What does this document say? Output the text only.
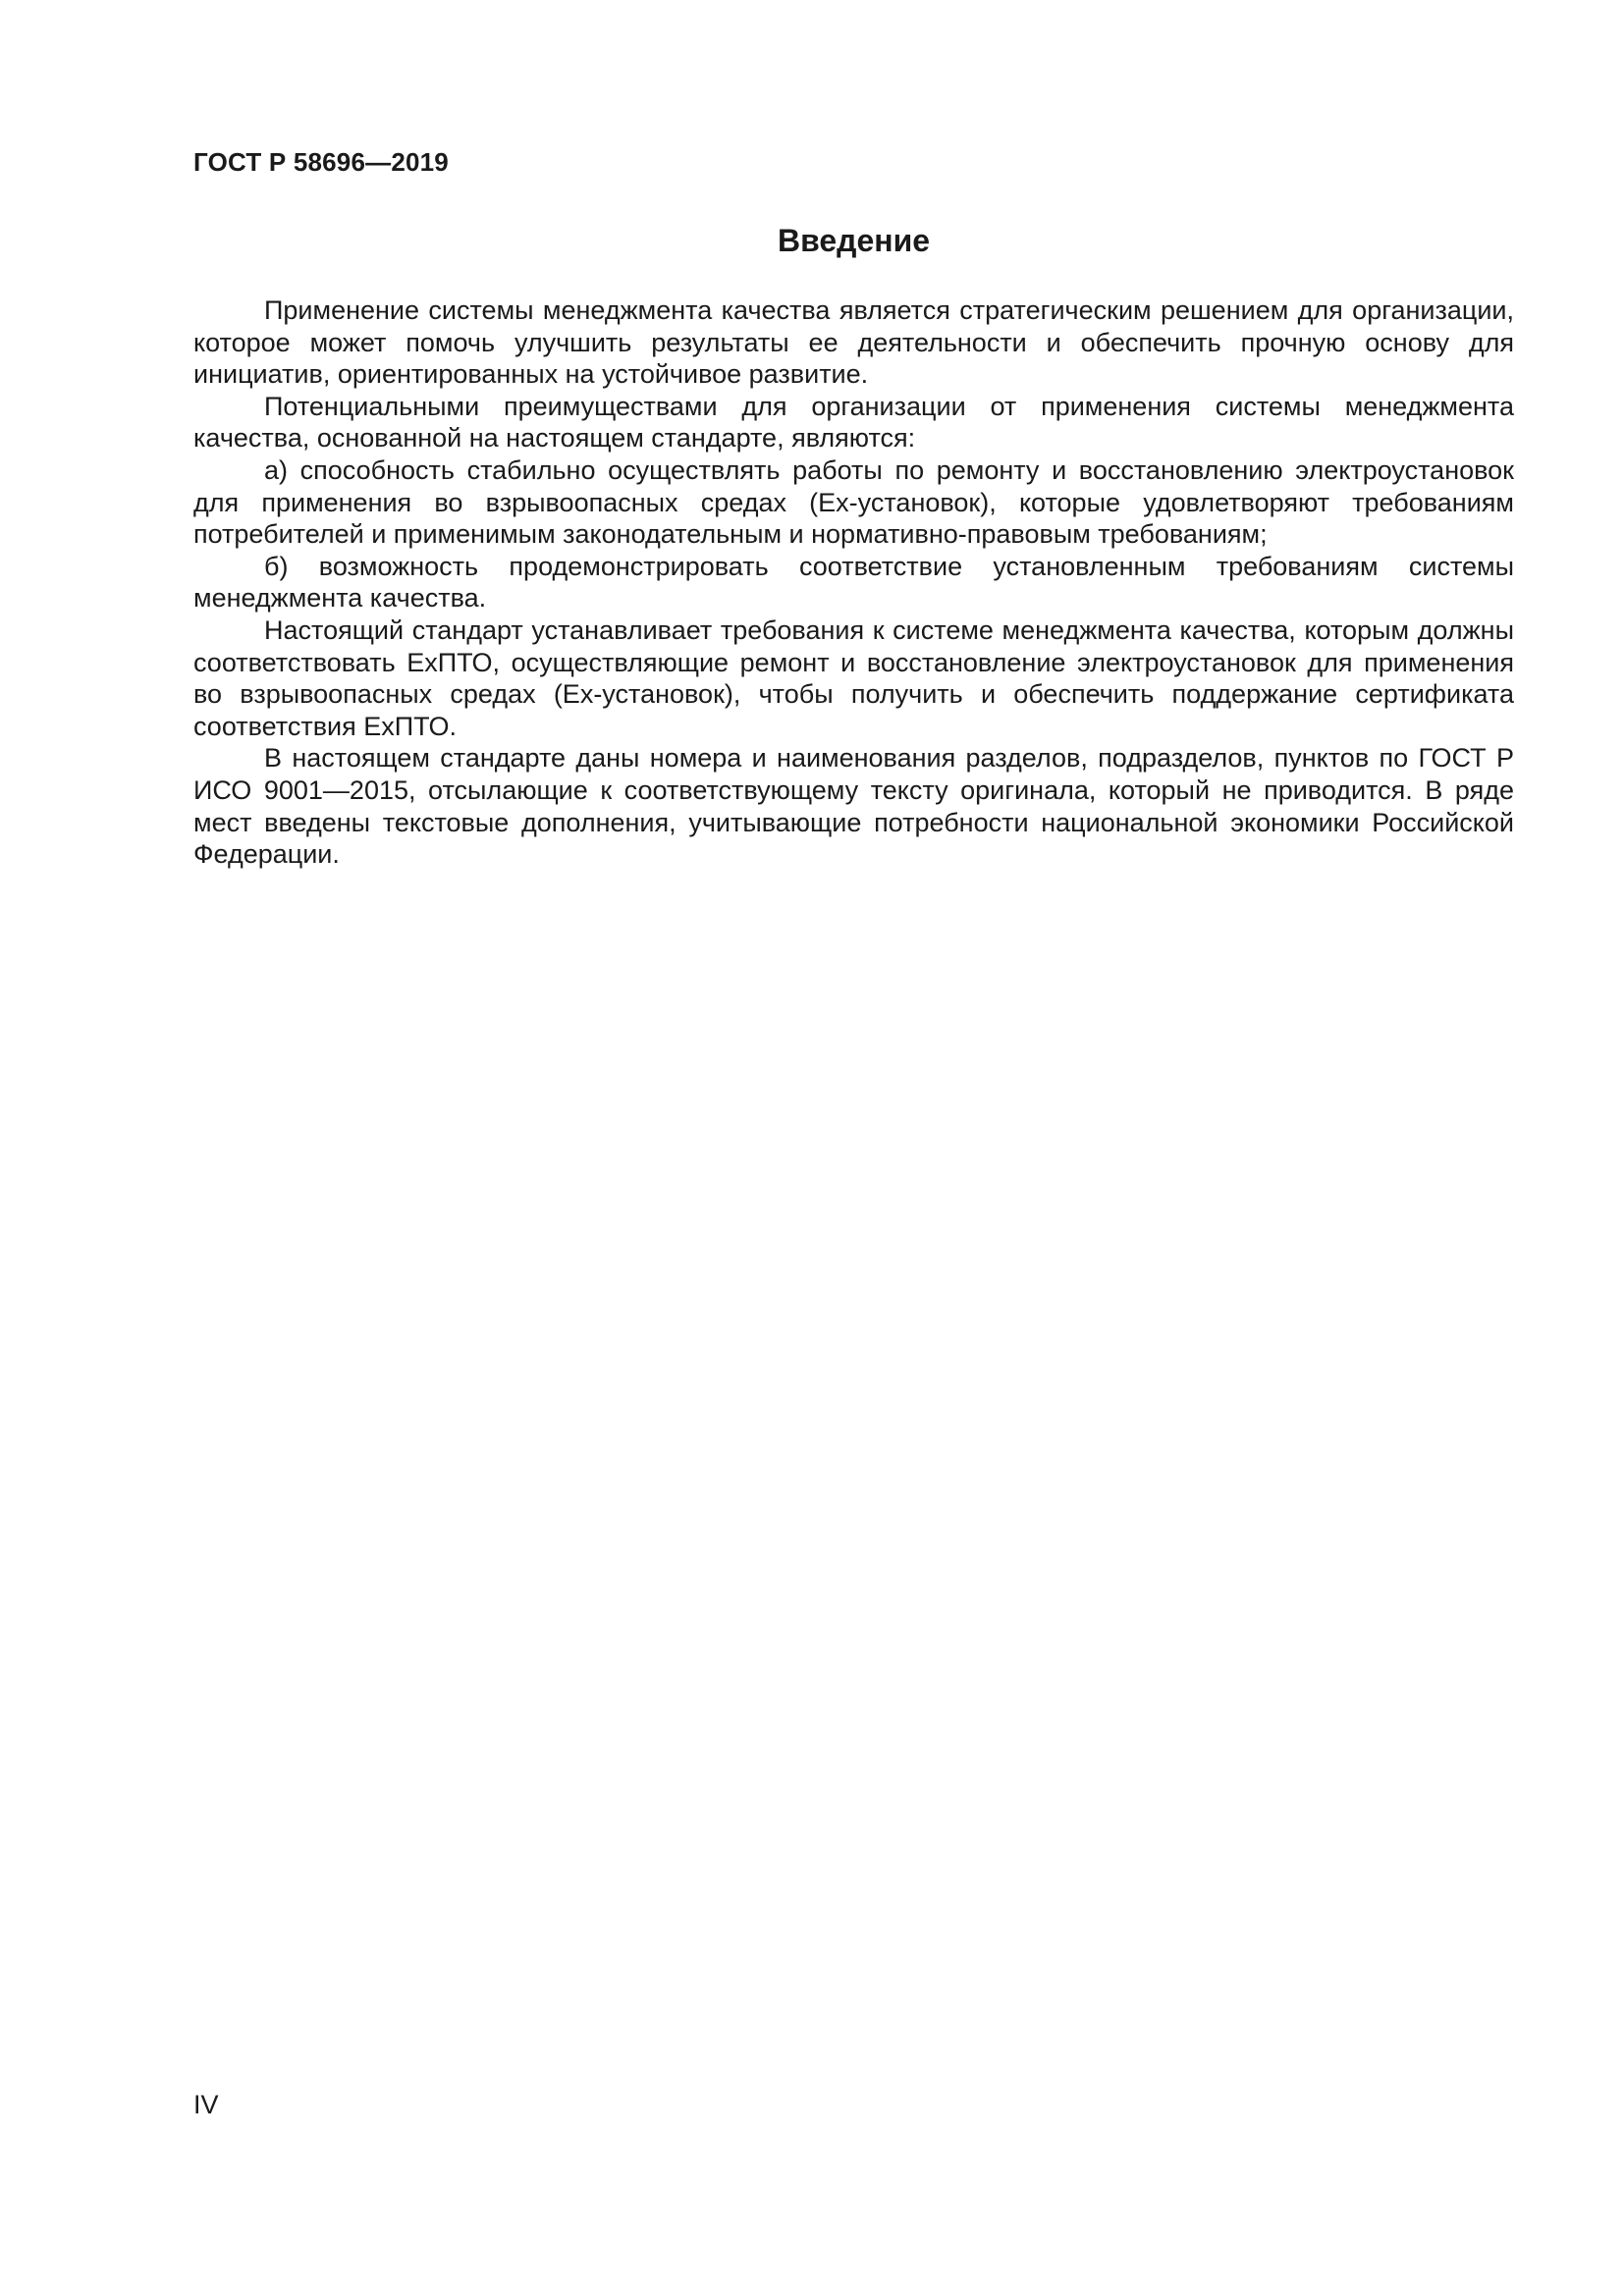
ГОСТ Р 58696—2019
Введение

Применение системы менеджмента качества является стратегическим решением для организации, которое может помочь улучшить результаты ее деятельности и обеспечить прочную основу для инициатив, ориентированных на устойчивое развитие.

Потенциальными преимуществами для организации от применения системы менеджмента качества, основанной на настоящем стандарте, являются:

а) способность стабильно осуществлять работы по ремонту и восстановлению электроустановок для применения во взрывоопасных средах (Ex-установок), которые удовлетворяют требованиям потребителей и применимым законодательным и нормативно-правовым требованиям;

б) возможность продемонстрировать соответствие установленным требованиям системы менеджмента качества.

Настоящий стандарт устанавливает требования к системе менеджмента качества, которым должны соответствовать ExПТО, осуществляющие ремонт и восстановление электроустановок для применения во взрывоопасных средах (Ex-установок), чтобы получить и обеспечить поддержание сертификата соответствия ExПТО.

В настоящем стандарте даны номера и наименования разделов, подразделов, пунктов по ГОСТ Р ИСО 9001—2015, отсылающие к соответствующему тексту оригинала, который не приводится. В ряде мест введены текстовые дополнения, учитывающие потребности национальной экономики Российской Федерации.

IV
